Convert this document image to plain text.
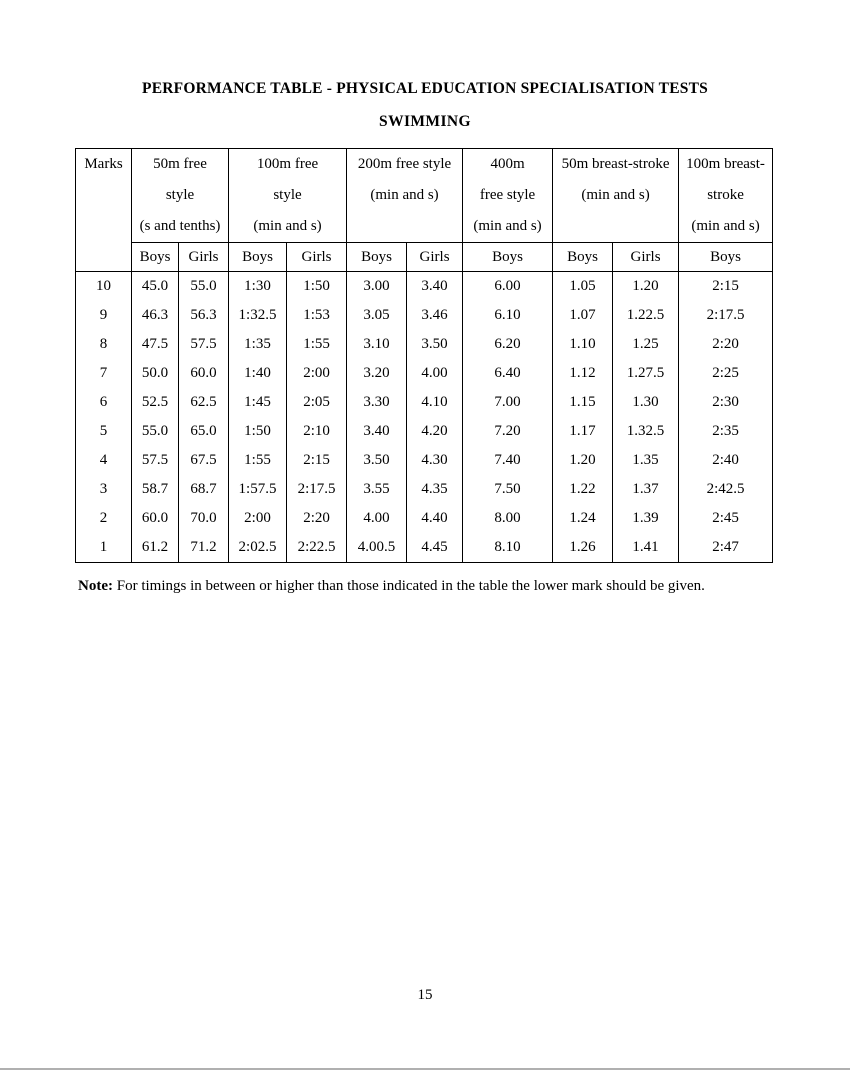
PERFORMANCE TABLE - PHYSICAL EDUCATION SPECIALISATION TESTS
SWIMMING
Marks	50m free
style
(s and tenths)

100m free
style
(min and s)

200m free style
(min and s)

400m
free style
(min and s)

50m breast-stroke
(min and s)

100m breast-
stroke
(min and s)

	Boys	Girls	Boys	Girls	Boys	Girls	Boys	Boys	Girls	Boys
10	45.0	55.0	1:30	1:50	3.00	3.40	6.00	1.05	1.20	2:15
9	46.3	56.3	1:32.5	1:53	3.05	3.46	6.10	1.07	1.22.5	2:17.5
8	47.5	57.5	1:35	1:55	3.10	3.50	6.20	1.10	1.25	2:20
7	50.0	60.0	1:40	2:00	3.20	4.00	6.40	1.12	1.27.5	2:25
6	52.5	62.5	1:45	2:05	3.30	4.10	7.00	1.15	1.30	2:30
5	55.0	65.0	1:50	2:10	3.40	4.20	7.20	1.17	1.32.5	2:35
4	57.5	67.5	1:55	2:15	3.50	4.30	7.40	1.20	1.35	2:40
3	58.7	68.7	1:57.5	2:17.5	3.55	4.35	7.50	1.22	1.37	2:42.5
2	60.0	70.0	2:00	2:20	4.00	4.40	8.00	1.24	1.39	2:45
1	61.2	71.2	2:02.5	2:22.5	4.00.5	4.45	8.10	1.26	1.41	2:47
Note: For timings in between or higher than those indicated in the table the lower mark should be given.
15
